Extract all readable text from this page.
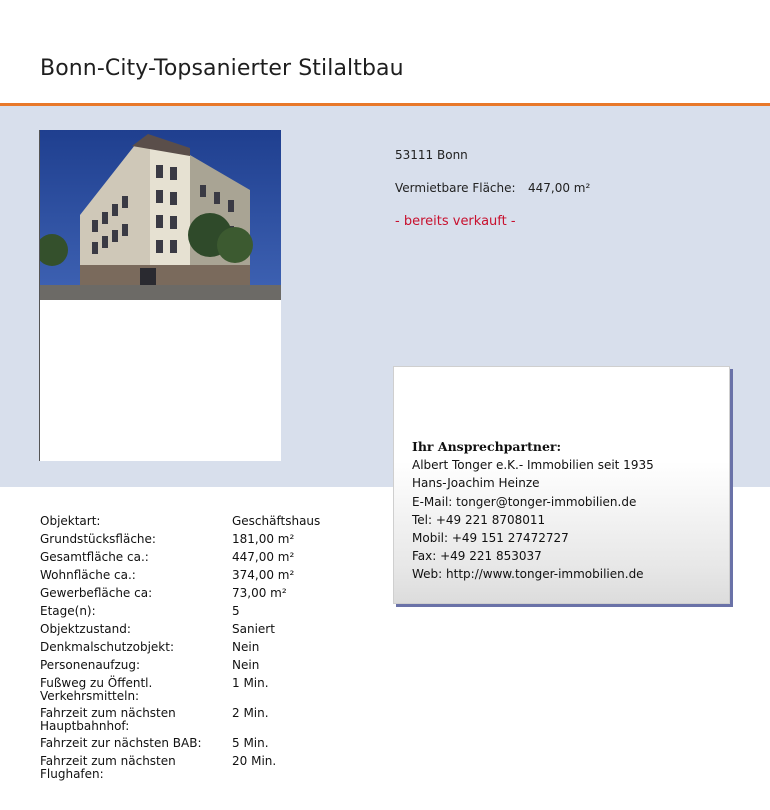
Bonn-City-Topsanierter Stilaltbau
53111 Bonn
Vermietbare Fläche: 447,00 m²
- bereits verkauft -
Ihr Ansprechpartner:
Albert Tonger e.K.- Immobilien seit 1935
Hans-Joachim Heinze
E-Mail: tonger@tonger-immobilien.de
Tel: +49 221 8708011
Mobil: +49 151 27472727
Fax: +49 221 853037
Web: http://www.tonger-immobilien.de
Objektart:	Geschäftshaus
Grundstücksfläche:	181,00 m²
Gesamtfläche ca.:	447,00 m²
Wohnfläche ca.:	374,00 m²
Gewerbefläche ca:	73,00 m²
Etage(n):	5
Objektzustand:	Saniert
Denkmalschutzobjekt:	Nein
Personenaufzug:	Nein
Fußweg zu Öffentl. Verkehrsmitteln:1 Min.
Fahrzeit zum nächsten Hauptbahnhof:2 Min.
Fahrzeit zur nächsten BAB:	5 Min.
Fahrzeit zum nächsten Flughafen:20 Min.
